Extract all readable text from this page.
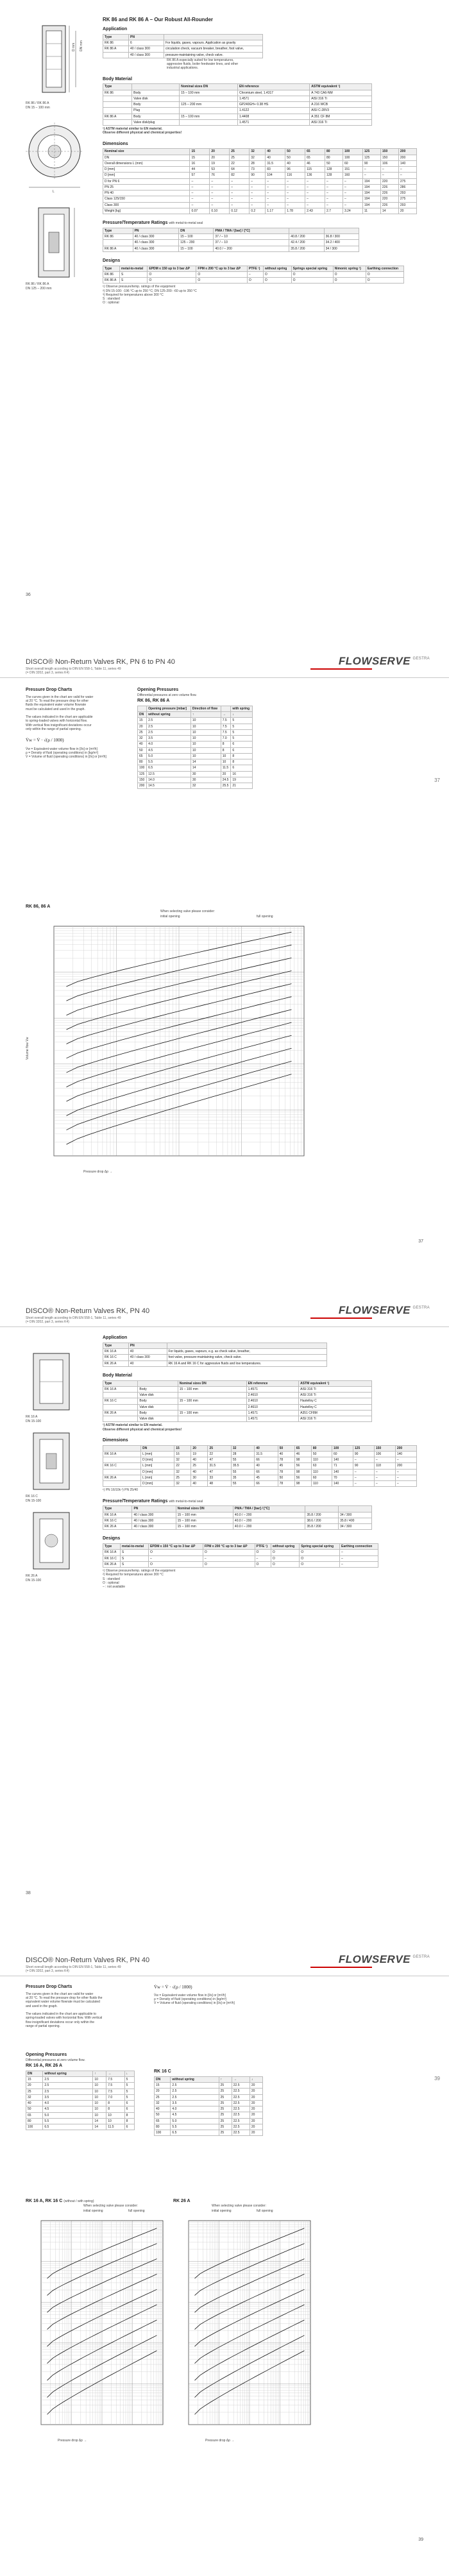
D mm DN mm
RK 86 / RK 86 A
DN 15 – 100 mm
L
RK 86 / RK 86 A
DN 125 – 200 mm
RK 86 and RK 86 A – Our Robust All-Rounder
Application
Type	PN	
RK 86	6	For liquids, gases, vapours. Application as gravity
RK 86 A	40 / class 300	circulation check, vacuum breaker, breather, foot valve,
	40 / class 300	pressure-maintaining valve, check valve.
RK 86 A especially suited for low temperatures,
aggressive fluids, boiler feedwater lines, and other
industrial applications.
Body Material
Type		Nominal sizes DN	EN reference	ASTM equivalent ¹)
RK 86	Body	15 – 100 mm	Chromium steel, 1.4317	A 743 CA6-NM
	Valve disk		1.4571	AISI 316 Ti
	Body	125 – 200 mm	GP240GH+ 0.38 HS	A 216 WCB
	Plug		1.4122	AISI C-28V3
RK 86 A	Body	15 – 100 mm	1.4408	A 351 CF 8M
	Valve disk/plug		1.4571	AISI 316 Ti
¹) ASTM material similar to EN material.
Observe different physical and chemical properties!
Dimensions
Nominal size	15	20	25	32	40	50	65	80	100	125	150	200
DN	15	20	25	32	40	50	65	80	100	125	150	200
Overall dimensions L (mm)	16	19	22	28	31.5	40	46	50	60	90	106	140
D [mm]	44	53	64	73	83	96	115	128	151	–	–	–
D [mm]	57	76	82	90	104	116	136	128	160	–	–	–
D for PN 6	–	–	–	–	–	–	–	–	–	194	220	275
PN 25	–	–	–	–	–	–	–	–	–	194	226	286
PN 40	–	–	–	–	–	–	–	–	–	194	226	293
Class 125/150	–	–	–	–	–	–	–	–	–	194	220	275
Class 300	–	–	–	–	–	–	–	–	–	194	226	293
Weight [kg]	0.07	0.10	0.12	0.2	1.17	1.78	2.43	2.7	3.24	11	14	20
Pressure/Temperature Ratings with metal-to-metal seal
Type	PN	DN	PMA / TMA / [bar] / [°C]		
RK 86	40 / class 300	15 – 100	37 / – 10	40.8 / 200	36.8 / 300
	40 / class 300	125 – 200	37 / – 10	42.4 / 200	34.2 / 400
RK 86 A	40 / class 300	15 – 100	40.0 / – 200	35.8 / 200	34 / 300
Designs
Type	metal-to-metal	EPDM ≤ 150 up to 3 bar ΔP	FPM ≤ 200 °C up to 3 bar ΔP	PTFE ¹)	without spring	Springs special spring	Nimonic spring ²)	Earthing connection
RK 86	S	O	O	–	O	O	O	O
RK 86 A	S	O	O	O	O	O	O	O
¹) Observe pressure/temp. ratings of the equipment
²) DN 15-100: -196 °C up to 250 °C; DN 125-200: -60 up to 350 °C
³) Required for temperatures above 300 °C
S : standard
O : optional
36
DISCO® Non-Return Valves RK, PN 6 to PN 40
Short overall length according to DIN EN 558-1, Table 11, series 49
(= DIN 3202, part 3, series K4)
FLOWSERVE GESTRA
37
Pressure Drop Charts
The curves given in the chart are valid for water
at 20 °C. To read the pressure drop for other
fluids the equivalent water volume flowrate
must be calculated and used in the graph.

The values indicated in the chart are applicable
to spring-loaded valves with horizontal flow.
With vertical flow insignificant deviations occur
only within the range of partial opening.
V̇w = V̇ · √(ρ / 1000)
V̇w = Equivalent water volume flow in [l/s] or [m³/h]
ρ = Density of fluid (operating conditions) in [kg/m³]
V̇ = Volume of fluid (operating conditions) in [l/s] or [m³/h]
Opening Pressures
Differential pressures at zero volume flow.
RK 86, RK 86 A
	Opening pressure [mbar]	Direction of flow		with spring
DN	without spring	↑	→	↓
15	2.5	10	7.5	5
20	2.5	10	7.5	5
25	2.5	10	7.5	5
32	3.5	10	7.0	5
40	4.0	10	8	6
50	4.5	10	8	6
65	5.0	10	10	8
80	5.5	14	10	8
100	6.5	14	11.5	6
125	12.5	30	20	16
150	14.0	30	24.5	19
200	14.5	32	25.5	21
RK 86, 86 A
When selecting valve please consider:
initial opening	full opening
Volume flow V̇w
Pressure drop Δp →
37
DISCO® Non-Return Valves RK, PN 40
Short overall length according to DIN EN 558-1, Table 11, series 49
(= DIN 3202, part 3, series K4)
FLOWSERVE GESTRA
RK 16 A
DN 15-100
RK 16 C
DN 15-100
RK 26 A
DN 15-100
Application
Type	PN	
RK 16 A	40	For liquids, gases, vapours, e.g. as check valve, breather,
RK 16 C	40 / class 300	foot valve, pressure-maintaining valve, check valve.
RK 26 A	40	RK 16 A and RK 16 C for aggressive fluids and low temperatures.
Body Material
Type		Nominal sizes DN	EN reference	ASTM equivalent ¹)
RK 16 A	Body	15 – 100 mm	1.4571	AISI 316 Ti
	Valve disk		2.4610	AISI 316 Ti
RK 16 C	Body	15 – 100 mm	2.4610	Hastelloy C
	Valve disk		2.4610	Hastelloy C
RK 26 A	Body	15 – 100 mm	1.4571	A351 CF8M
	Valve disk		1.4571	AISI 316 Ti
¹) ASTM material similar to EN material.
Observe different physical and chemical properties!
Dimensions
	DN	15	20	25	32	40	50	65	80	100	125	150	200
RK 16 A	L [mm]	16	19	22	28	31.5	40	46	50	60	90	106	140
	D [mm]	32	40	47	55	66	78	98	110	140	–	–	–
RK 16 C	L [mm]	22	25	31.5	35.5	40	45	56	63	71	90	118	200
	D [mm]	32	40	47	55	66	78	98	110	140	–	–	–
RK 26 A	L [mm]	25	30	33	35	45	50	56	60	70	–	–	–
	D [mm]	32	40	48	55	66	78	98	110	140	–	–	–
¹) PN 16/10k ²) PN 25/40
Pressure/Temperature Ratings with metal-to-metal seal
Type	PN	Nominal sizes DN	PMA / TMA / [bar] / [°C]		
RK 16 A	40 / class 300	15 – 100 mm	40.0 / – 200	35.8 / 200	34 / 300
RK 16 C	40 / class 300	15 – 100 mm	40.0 / – 200	38.6 / 200	35.8 / 400
RK 26 A	40 / class 300	15 – 100 mm	40.0 / – 200	35.8 / 200	34 / 300
Designs
Type	metal-to-metal	EPDM ≤ 150 °C up to 3 bar ΔP	FPM ≤ 200 °C up to 3 bar ΔP	PTFE ¹)	without spring	Spring special spring	Earthing connection
RK 16 A	S	O	O	O	O	O	–
RK 16 C	S	–	–	–	O	O	–
RK 26 A	S	O	O	O	O	O	–
¹) Observe pressure/temp. ratings of the equipment
²) Required for temperatures above 300 °C
S : standard
O : optional
– : not available
38
DISCO® Non-Return Valves RK, PN 40
Short overall length according to DIN EN 558-1, Table 11, series 49
(= DIN 3202, part 3, series K4)
FLOWSERVE GESTRA
39
Pressure Drop Charts
The curves given in the chart are valid for water
at 20 °C. To read the pressure drop for other fluids the
equivalent water volume flowrate must be calculated
and used in the graph.

The values indicated in the chart are applicable to
spring-loaded valves with horizontal flow. With vertical
flow insignificant deviations occur only within the
range of partial opening.
V̇w = V̇ · √(ρ / 1000)
V̇w = Equivalent water volume flow in [l/s] or [m³/h]
ρ = Density of fluid (operating conditions) in [kg/m³]
V̇ = Volume of fluid (operating conditions) in [l/s] or [m³/h]
Opening Pressures
Differential pressures at zero volume flow.
RK 16 A, RK 26 A
DN	without spring	↑	→	↓
15	2.5	10	7.5	5
20	2.5	10	7.5	5
25	2.5	10	7.5	5
32	3.5	10	7.0	5
40	4.0	10	8	6
50	4.5	10	8	6
65	5.0	10	10	8
80	5.5	14	10	8
100	6.5	14	11.5	6
RK 16 C
DN	without spring	↑	→	↓
15	2.5	25	22.5	20
20	2.5	25	22.5	20
25	2.5	25	22.5	20
32	3.5	25	22.5	20
40	4.0	25	22.5	20
50	4.5	25	22.5	20
65	5.0	25	22.5	20
80	5.5	25	22.5	20
100	6.5	25	22.5	20
RK 16 A, RK 16 C (without / with spring)
When selecting valve please consider:
initial opening	full opening
Pressure drop Δp →
RK 26 A
When selecting valve please consider:
initial opening	full opening
Pressure drop Δp →
39
